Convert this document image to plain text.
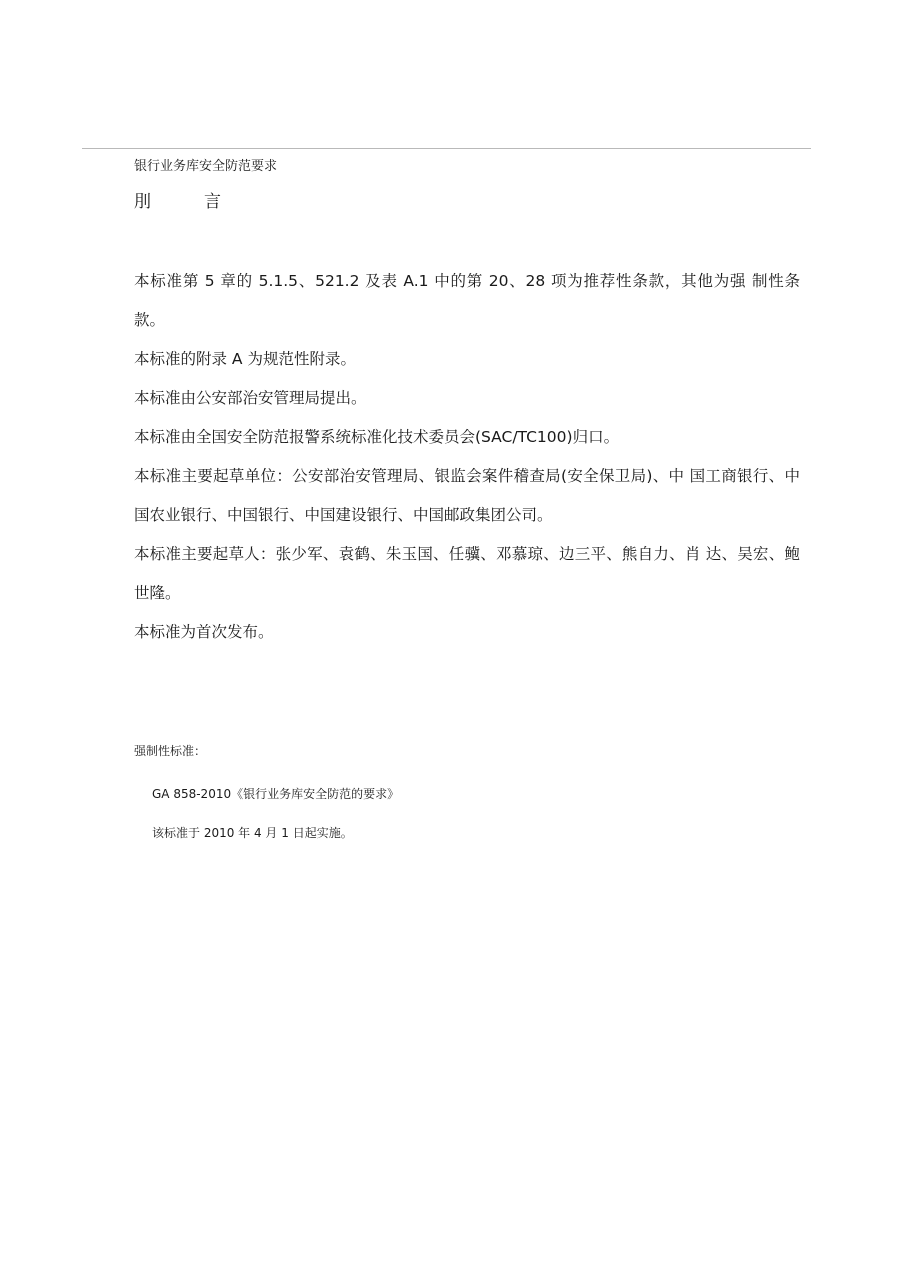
银行业务库安全防范要求
刖	言

本标准第 5 章的 5.1.5、521.2 及表 A.1 中的第 20、28 项为推荐性条款，其他为强 制性条款。

本标准的附录 A 为规范性附录。

本标准由公安部治安管理局提出。

本标准由全国安全防范报警系统标准化技术委员会(SAC/TC100)归口。

本标准主要起草单位：公安部治安管理局、银监会案件稽查局(安全保卫局)、中 国工商银行、中国农业银行、中国银行、中国建设银行、中国邮政集团公司。

本标准主要起草人：张少军、袁鹤、朱玉国、任骥、邓慕琼、边三平、熊自力、肖 达、吴宏、鲍世隆。

本标准为首次发布。

强制性标准：
GA 858-2010《银行业务库安全防范的要求》
该标准于 2010 年 4 月 1 日起实施。
